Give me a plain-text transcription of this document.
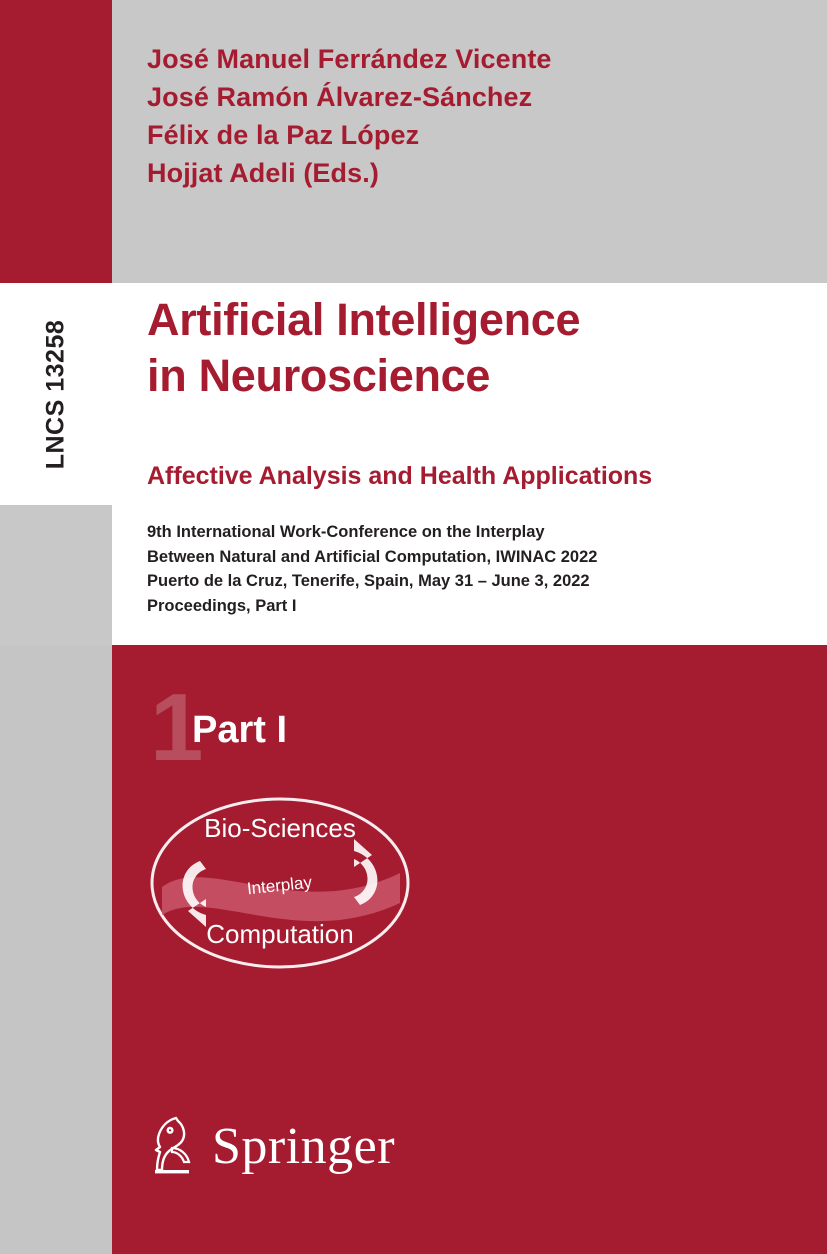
LNCS 13258
José Manuel Ferrández Vicente
José Ramón Álvarez-Sánchez
Félix de la Paz López
Hojjat Adeli (Eds.)
Artificial Intelligence
in Neuroscience
Affective Analysis and Health Applications
9th International Work-Conference on the Interplay
Between Natural and Artificial Computation, IWINAC 2022
Puerto de la Cruz, Tenerife, Spain, May 31 – June 3, 2022
Proceedings, Part I
1
Part I
Bio-Sciences
Interplay
Computation
Springer
